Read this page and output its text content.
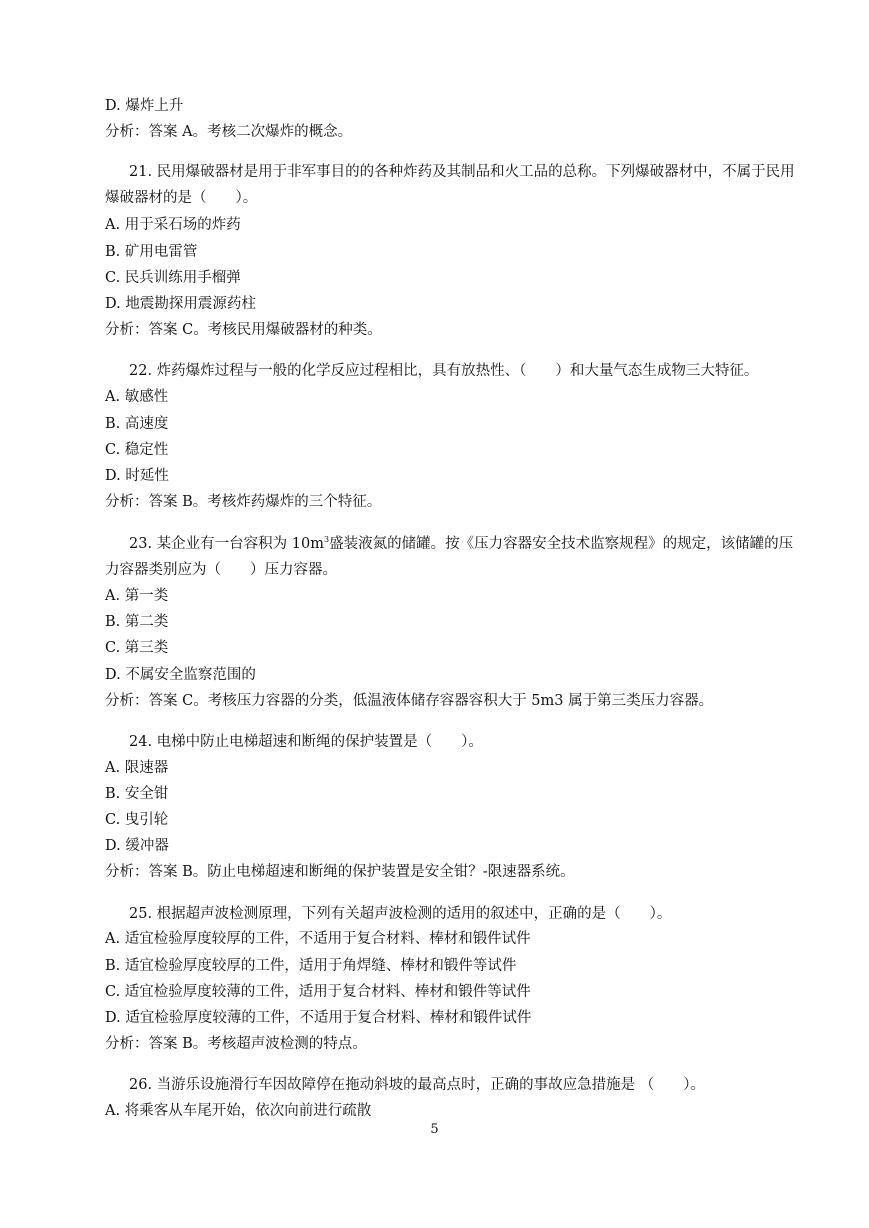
D. 爆炸上升
分析：答案 A。考核二次爆炸的概念。
21. 民用爆破器材是用于非军事目的的各种炸药及其制品和火工品的总称。下列爆破器材中，不属于民用
爆破器材的是（　　）。
A. 用于采石场的炸药
B. 矿用电雷管
C. 民兵训练用手榴弹
D. 地震勘探用震源药柱
分析：答案 C。考核民用爆破器材的种类。
22. 炸药爆炸过程与一般的化学反应过程相比，具有放热性、（　　）和大量气态生成物三大特征。
A. 敏感性
B. 高速度
C. 稳定性
D. 时延性
分析：答案 B。考核炸药爆炸的三个特征。
23. 某企业有一台容积为 $10m^3$盛装液氮的储罐。按《压力容器安全技术监察规程》的规定，该储罐的压
力容器类别应为（　　）压力容器。
A. 第一类
B. 第二类
C. 第三类
D. 不属安全监察范围的
分析：答案 C。考核压力容器的分类，低温液体储存容器容积大于 5m3 属于第三类压力容器。
24. 电梯中防止电梯超速和断绳的保护装置是（　　）。
A. 限速器
B. 安全钳
C. 曳引轮
D. 缓冲器
分析：答案 B。防止电梯超速和断绳的保护装置是安全钳？-限速器系统。
25. 根据超声波检测原理，下列有关超声波检测的适用的叙述中，正确的是（　　）。
A. 适宜检验厚度较厚的工件，不适用于复合材料、棒材和锻件试件
B. 适宜检验厚度较厚的工件，适用于角焊缝、棒材和锻件等试件
C. 适宜检验厚度较薄的工件，适用于复合材料、棒材和锻件等试件
D. 适宜检验厚度较薄的工件，不适用于复合材料、棒材和锻件试件
分析：答案 B。考核超声波检测的特点。
26. 当游乐设施滑行车因故障停在拖动斜坡的最高点时，正确的事故应急措施是 （　　）。
A. 将乘客从车尾开始，依次向前进行疏散
5
